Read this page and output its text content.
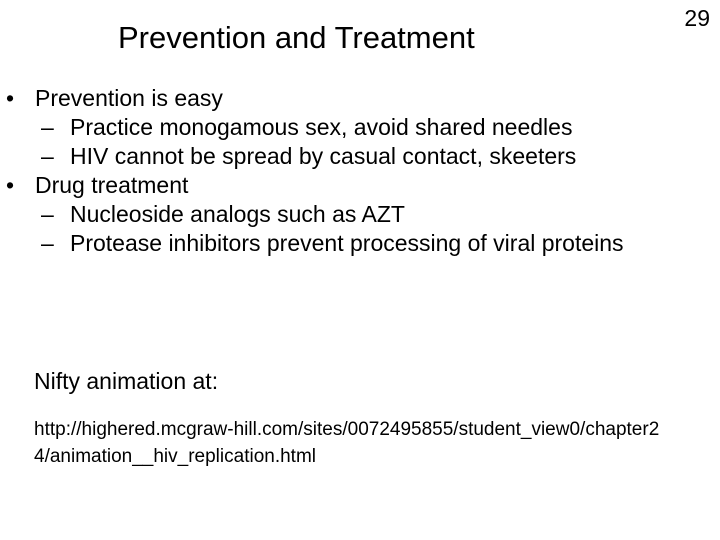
Prevention and Treatment
29
• Prevention is easy
– Practice monogamous sex, avoid shared needles
– HIV cannot be spread by casual contact, skeeters
• Drug treatment
– Nucleoside analogs such as AZT
– Protease inhibitors prevent processing of viral proteins
Nifty animation at:
http://highered.mcgraw-hill.com/sites/0072495855/student_view0/chapter24/animation__hiv_replication.html
